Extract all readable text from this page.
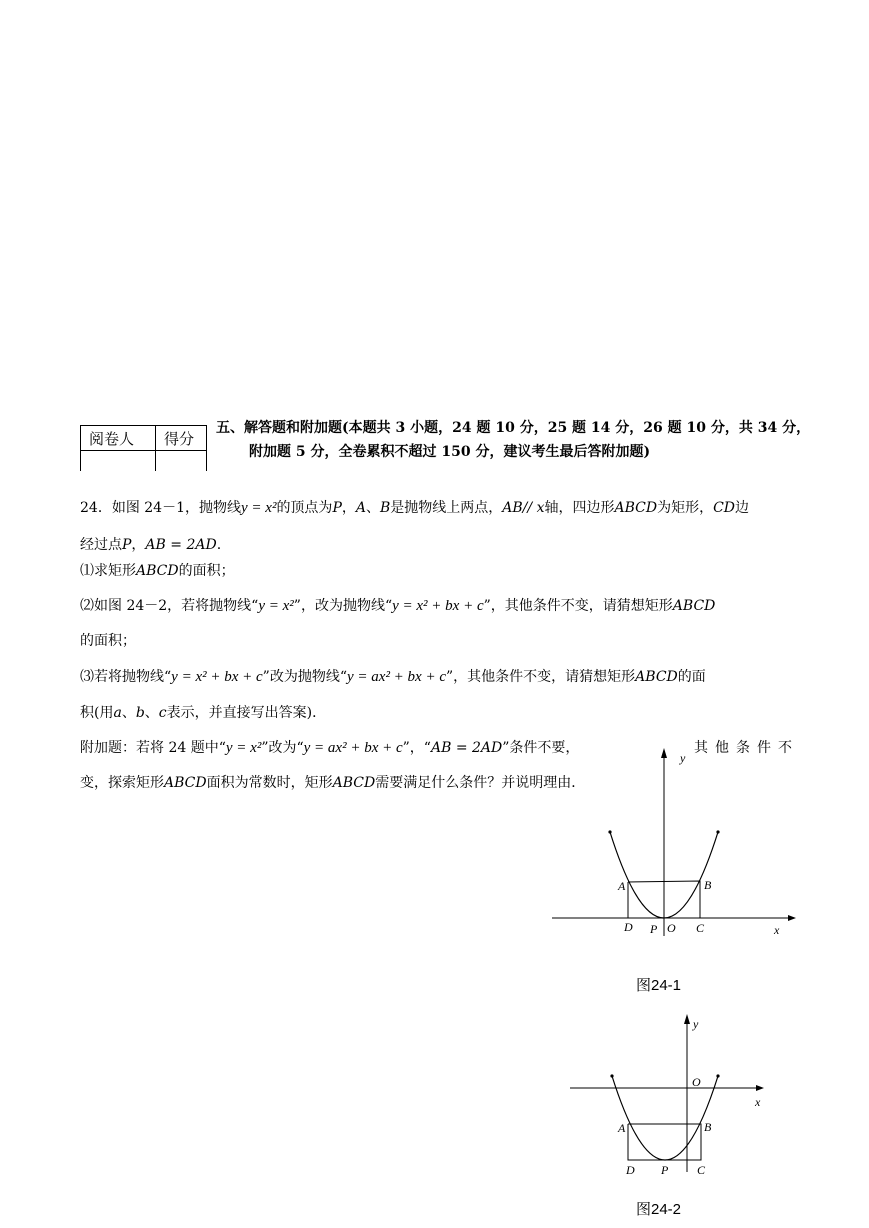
阅卷人	得分

五、解答题和附加题(本题共 3 小题，24 题 10 分，25 题 14 分，26 题 10 分，共 34 分，
附加题 5 分，全卷累积不超过 150 分，建议考生最后答附加题)
24．如图 24－1，抛物线y = x²的顶点为P，A、B是抛物线上两点，AB// x轴，四边形ABCD为矩形，CD边
经过点P，AB = 2AD.
⑴求矩形ABCD的面积；
⑵如图 24－2，若将抛物线“y = x²”，改为抛物线“y = x² + bx + c”，其他条件不变，请猜想矩形ABCD
的面积；
⑶若将抛物线“y = x² + bx + c”改为抛物线“y = ax² + bx + c”，其他条件不变，请猜想矩形ABCD的面
积(用a、b、c表示，并直接写出答案)．
附加题：若将 24 题中“y = x²”改为“y = ax² + bx + c”，“AB = 2AD”条件不要，	其他条件不
变，探索矩形ABCD面积为常数时，矩形ABCD需要满足什么条件？并说明理由．
y
x
A	B
D P O C
图24-1
y
x
O
A	B
D P C
图24-2
